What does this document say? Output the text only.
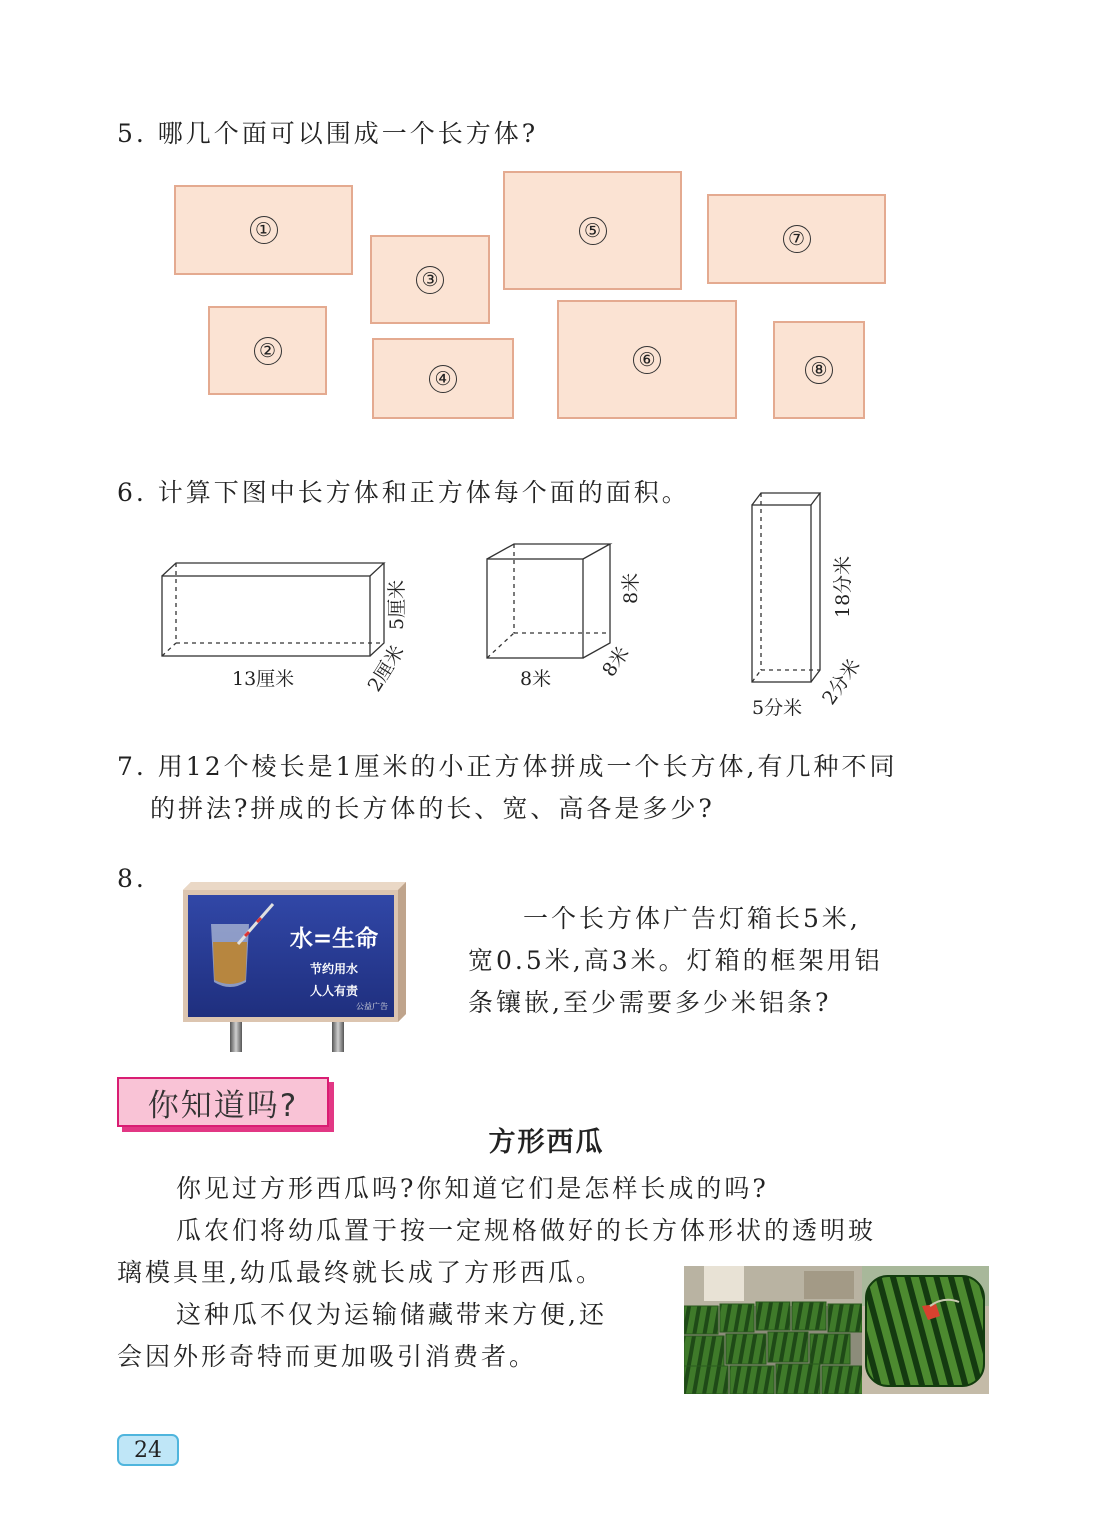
5. 哪几个面可以围成一个长方体?
①
②
③
④
⑤
⑥
⑦
⑧
6. 计算下图中长方体和正方体每个面的面积。
13厘米
5厘米
2厘米	8米
8米
8米
5分米
18分米
2分米
7. 用12个棱长是1厘米的小正方体拼成一个长方体,有几种不同
的拼法?拼成的长方体的长、宽、高各是多少?
8.
水=生命
节约用水
人人有责
公益广告
一个长方体广告灯箱长5米,
宽0.5米,高3米。灯箱的框架用铝
条镶嵌,至少需要多少米铝条?
你知道吗?
方形西瓜
你见过方形西瓜吗?你知道它们是怎样长成的吗?
瓜农们将幼瓜置于按一定规格做好的长方体形状的透明玻
璃模具里,幼瓜最终就长成了方形西瓜。
这种瓜不仅为运输储藏带来方便,还
会因外形奇特而更加吸引消费者。
24
